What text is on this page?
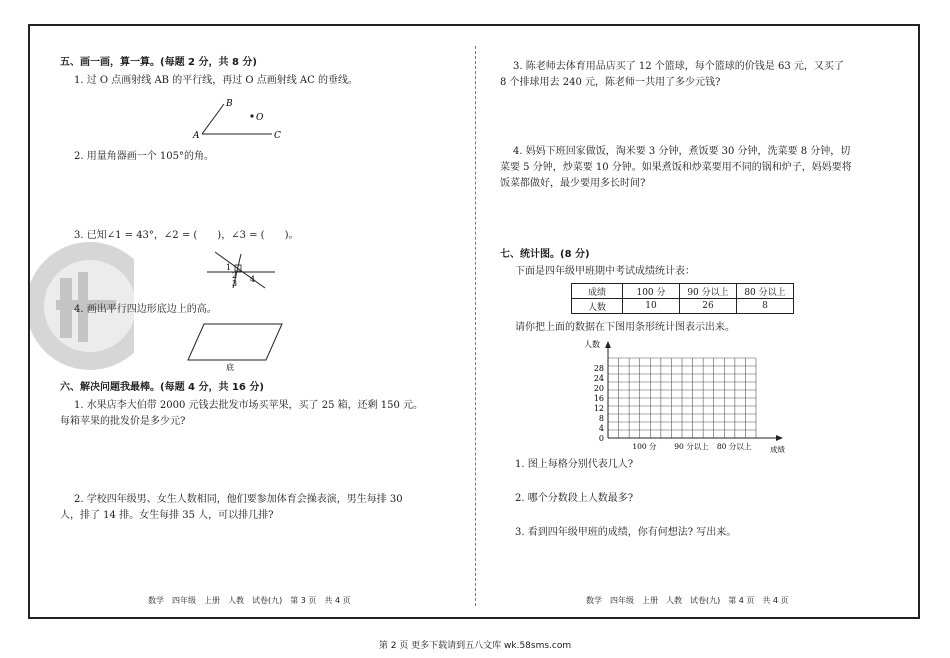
五、画一画，算一算。(每题 2 分，共 8 分)
1. 过 O 点画射线 AB 的平行线，再过 O 点画射线 AC 的垂线。
B
O
A	C
2. 用量角器画一个 105°的角。
3. 已知∠1 = 43°，∠2 = (　　)，∠3 = (　　)。
1
2
3 4
4. 画出平行四边形底边上的高。
底
六、解决问题我最棒。(每题 4 分，共 16 分)
1. 水果店李大伯带 2000 元钱去批发市场买苹果，买了 25 箱，还剩 150 元。
每箱苹果的批发价是多少元?
2. 学校四年级男、女生人数相同，他们要参加体育会操表演，男生每排 30
人，排了 14 排。女生每排 35 人，可以排几排?
数学　四年级　上册　人教　试卷(九)　第 3 页　共 4 页
3. 陈老师去体育用品店买了 12 个篮球，每个篮球的价钱是 63 元，又买了
8 个排球用去 240 元，陈老师一共用了多少元钱?
4. 妈妈下班回家做饭，淘米要 3 分钟，煮饭要 30 分钟，洗菜要 8 分钟，切
菜要 5 分钟，炒菜要 10 分钟。如果煮饭和炒菜要用不同的锅和炉子，妈妈要将
饭菜都做好，最少要用多长时间?
七、统计图。(8 分)
下面是四年级甲班期中考试成绩统计表：
成绩	100 分	90 分以上	80 分以上
人数	10	26	8
请你把上面的数据在下图用条形统计图表示出来。
人数
0
4
8
12
16
20
24
28
100 分 90 分以上 80 分以上 成绩
1. 图上每格分别代表几人?
2. 哪个分数段上人数最多?
3. 看到四年级甲班的成绩，你有何想法? 写出来。
数学　四年级　上册　人教　试卷(九)　第 4 页　共 4 页
第 2 页 更多下载请到五八文库 wk.58sms.com
